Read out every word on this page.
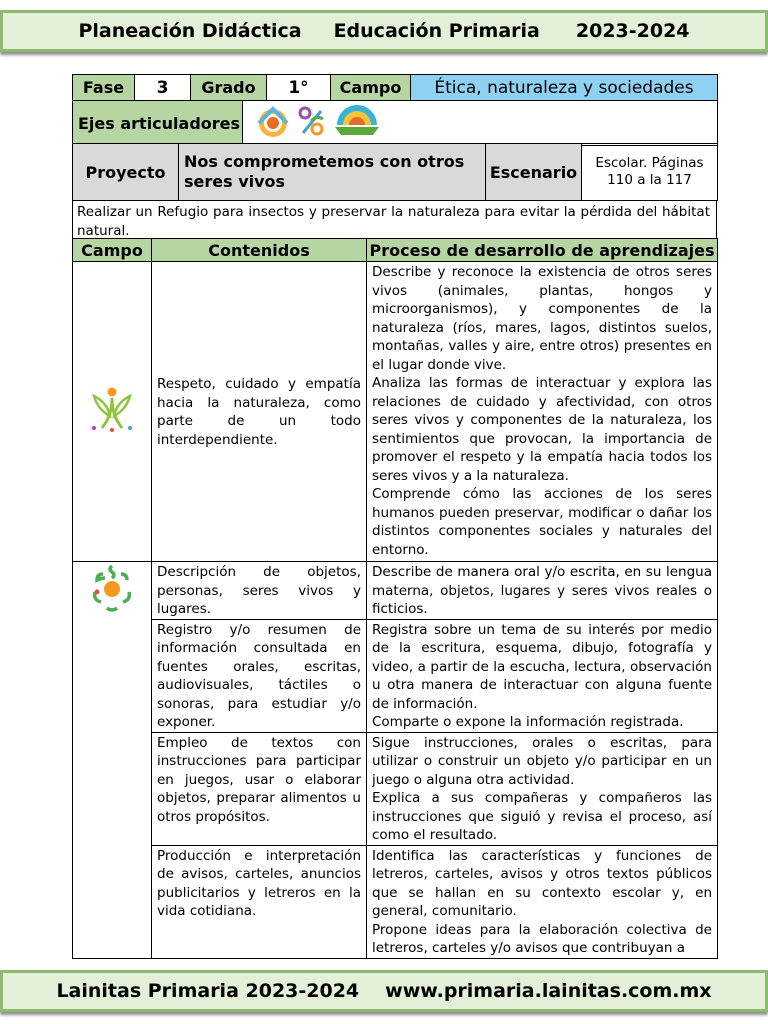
Planeación Didáctica Educación Primaria 2023-2024
Fase	3	Grado	1°	Campo	Ética, naturaleza y sociedades
Ejes articuladores	
Proyecto	Nos comprometemos con otros seres vivos	Escenario	Escolar. Páginas 110 a la 117
Realizar un Refugio para insectos y preservar la naturaleza para evitar la pérdida del hábitat natural.
Campo	Contenidos	Proceso de desarrollo de aprendizajes
	Respeto, cuidado y empatía hacia la naturaleza, como parte de un todo interdependiente.	Describe y reconoce la existencia de otros seres vivos (animales, plantas, hongos y microorganismos), y componentes de la naturaleza (ríos, mares, lagos, distintos suelos, montañas, valles y aire, entre otros) presentes en el lugar donde vive.
Analiza las formas de interactuar y explora las relaciones de cuidado y afectividad, con otros seres vivos y componentes de la naturaleza, los sentimientos que provocan, la importancia de promover el respeto y la empatía hacia todos los seres vivos y a la naturaleza.
Comprende cómo las acciones de los seres humanos pueden preservar, modificar o dañar los distintos componentes sociales y naturales del entorno.

	Descripción de objetos, personas, seres vivos y lugares.	Describe de manera oral y/o escrita, en su lengua materna, objetos, lugares y seres vivos reales o ficticios.

	Registro y/o resumen de información consultada en fuentes orales, escritas, audiovisuales, táctiles o sonoras, para estudiar y/o exponer.	Registra sobre un tema de su interés por medio de la escritura, esquema, dibujo, fotografía y video, a partir de la escucha, lectura, observación u otra manera de interactuar con alguna fuente de información.
Comparte o expone la información registrada.

	Empleo de textos con instrucciones para participar en juegos, usar o elaborar objetos, preparar alimentos u otros propósitos.	Sigue instrucciones, orales o escritas, para utilizar o construir un objeto y/o participar en un juego o alguna otra actividad.
Explica a sus compañeras y compañeros las instrucciones que siguió y revisa el proceso, así como el resultado.

	Producción e interpretación de avisos, carteles, anuncios publicitarios y letreros en la vida cotidiana.	Identifica las características y funciones de letreros, carteles, avisos y otros textos públicos que se hallan en su contexto escolar y, en general, comunitario.
Propone ideas para la elaboración colectiva de letreros, carteles y/o avisos que contribuyan a
Lainitas Primaria 2023-2024 www.primaria.lainitas.com.mx
